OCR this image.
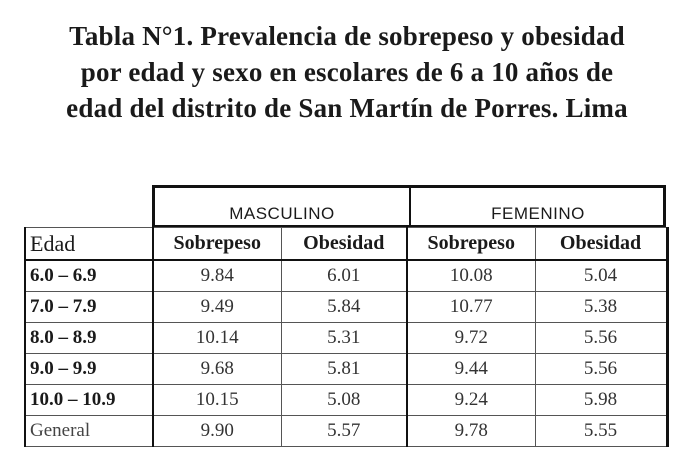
Tabla N°1. Prevalencia de sobrepeso y obesidad
por edad y sexo en escolares de 6 a 10 años de
edad del distrito de San Martín de Porres. Lima
MASCULINO	FEMENINO
Edad	Sobrepeso	Obesidad	Sobrepeso	Obesidad
6.0 – 6.9	9.84	6.01	10.08	5.04
7.0 – 7.9	9.49	5.84	10.77	5.38
8.0 – 8.9	10.14	5.31	9.72	5.56
9.0 – 9.9	9.68	5.81	9.44	5.56
10.0 – 10.9	10.15	5.08	9.24	5.98
General	9.90	5.57	9.78	5.55
